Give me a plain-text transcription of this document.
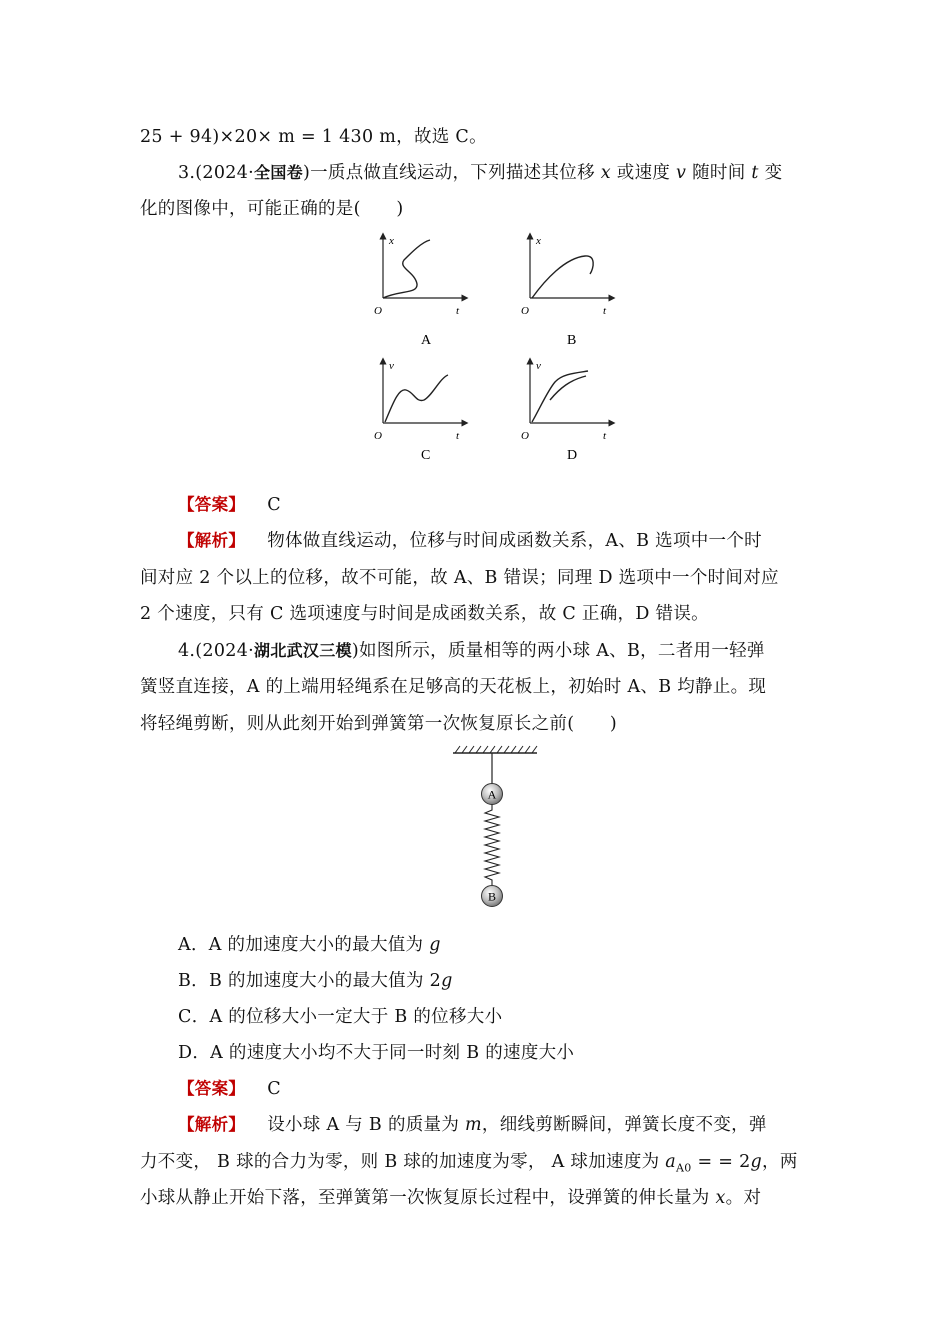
25 + 94)×20× m = 1 430 m，故选 C。
3.(2024·全国卷)一质点做直线运动，下列描述其位移 x 或速度 v 随时间 t 变
化的图像中，可能正确的是(　　)
x
t
O
A
x
t
O
B
v
t
O
C
v
t
O
D
【答案】 C
【解析】 物体做直线运动，位移与时间成函数关系，A、B 选项中一个时
间对应 2 个以上的位移，故不可能，故 A、B 错误；同理 D 选项中一个时间对应
2 个速度，只有 C 选项速度与时间是成函数关系，故 C 正确，D 错误。
4.(2024·湖北武汉三模)如图所示，质量相等的两小球 A、B，二者用一轻弹
簧竖直连接，A 的上端用轻绳系在足够高的天花板上，初始时 A、B 均静止。现
将轻绳剪断，则从此刻开始到弹簧第一次恢复原长之前(　　)
A
B
A．A 的加速度大小的最大值为 g
B．B 的加速度大小的最大值为 2g
C．A 的位移大小一定大于 B 的位移大小
D．A 的速度大小均不大于同一时刻 B 的速度大小
【答案】 C
【解析】 设小球 A 与 B 的质量为 m，细线剪断瞬间，弹簧长度不变，弹
力不变， B 球的合力为零，则 B 球的加速度为零， A 球加速度为 $a_{A0}$ = = 2g，两
小球从静止开始下落，至弹簧第一次恢复原长过程中，设弹簧的伸长量为 x。对
